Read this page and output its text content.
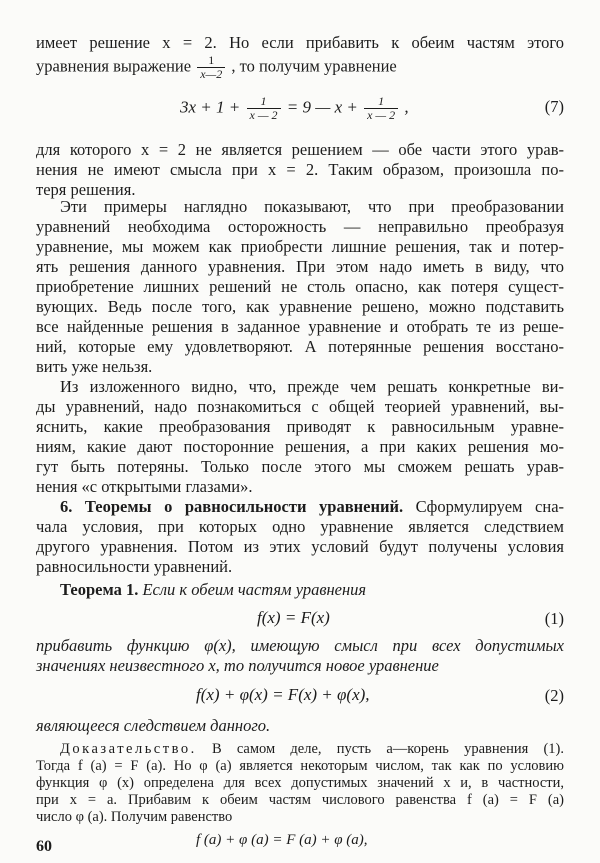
имеет решение x = 2. Но если прибавить к обеим частям этого
уравнения выражение $\frac{1}{x—2}$ , то получим уравнение
$3x + 1 + \frac{1}{x — 2} = 9$ — $x + \frac{1}{x — 2}$ ,	(7)
для которого x = 2 не является решением — обе части этого урав-
нения не имеют смысла при x = 2. Таким образом, произошла по-
теря решения.
Эти примеры наглядно показывают, что при преобразовании
уравнений необходима осторожность — неправильно преобразуя
уравнение, мы можем как приобрести лишние решения, так и потер-
ять решения данного уравнения. При этом надо иметь в виду, что
приобретение лишних решений не столь опасно, как потеря сущест-
вующих. Ведь после того, как уравнение решено, можно подставить
все найденные решения в заданное уравнение и отобрать те из реше-
ний, которые ему удовлетворяют. А потерянные решения восстано-
вить уже нельзя.
Из изложенного видно, что, прежде чем решать конкретные ви-
ды уравнений, надо познакомиться с общей теорией уравнений, вы-
яснить, какие преобразования приводят к равносильным уравне-
ниям, какие дают посторонние решения, а при каких решения мо-
гут быть потеряны. Только после этого мы сможем решать урав-
нения «с открытыми глазами».
6. Теоремы о равносильности уравнений. Сформулируем сна-
чала условия, при которых одно уравнение является следствием
другого уравнения. Потом из этих условий будут получены условия
равносильности уравнений.
Теорема 1. Если к обеим частям уравнения
f(x) = F(x)	(1)
прибавить функцию φ(x), имеющую смысл при всех допустимых
значениях неизвестного x, то получится новое уравнение
f(x) + φ(x) = F(x) + φ(x),	(2)
являющееся следствием данного.
Доказательство. В самом деле, пусть a—корень уравнения (1).
Тогда f (a) = F (a). Но φ (a) является некоторым числом, так как по условию
функция φ (x) определена для всех допустимых значений x и, в частности,
при x = a. Прибавим к обеим частям числового равенства f (a) = F (a)
число φ (a). Получим равенство
f (a) + φ (a) = F (a) + φ (a),
60
